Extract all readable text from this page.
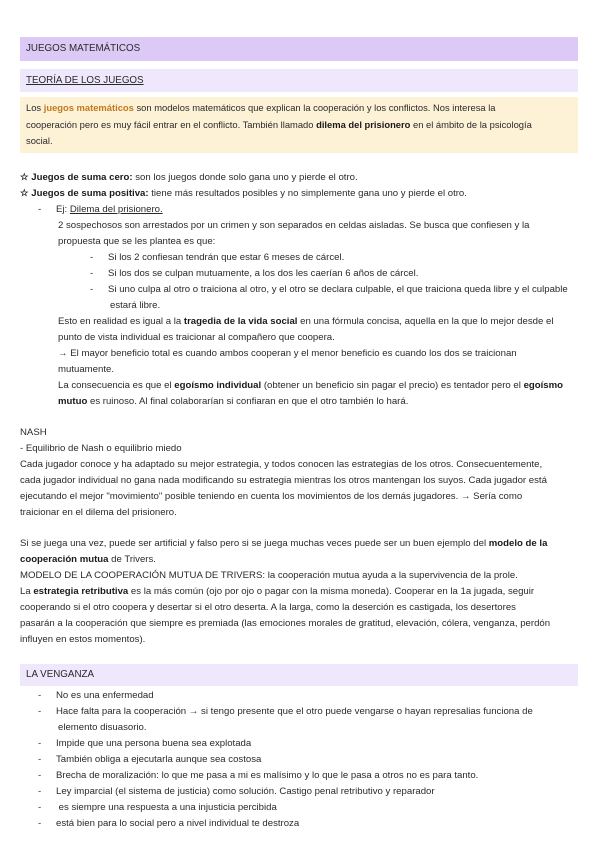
JUEGOS MATEMÁTICOS
TEORÍA DE LOS JUEGOS
Los juegos matemáticos son modelos matemáticos que explican la cooperación y los conflictos. Nos interesa la
cooperación pero es muy fácil entrar en el conflicto. También llamado dilema del prisionero en el ámbito de la psicología
social.
☆ Juegos de suma cero: son los juegos donde solo gana uno y pierde el otro.
☆ Juegos de suma positiva: tiene más resultados posibles y no simplemente gana uno y pierde el otro.
- Ej: Dilema del prisionero.
2 sospechosos son arrestados por un crimen y son separados en celdas aisladas. Se busca que confiesen y la
propuesta que se les plantea es que:
- Si los 2 confiesan tendrán que estar 6 meses de cárcel.
- Si los dos se culpan mutuamente, a los dos les caerían 6 años de cárcel.
- Si uno culpa al otro o traiciona al otro, y el otro se declara culpable, el que traiciona queda libre y el culpable
estará libre.
Esto en realidad es igual a la tragedia de la vida social en una fórmula concisa, aquella en la que lo mejor desde el
punto de vista individual es traicionar al compañero que coopera.
→ El mayor beneficio total es cuando ambos cooperan y el menor beneficio es cuando los dos se traicionan
mutuamente.
La consecuencia es que el egoísmo individual (obtener un beneficio sin pagar el precio) es tentador pero el egoísmo
mutuo es ruinoso. Al final colaborarían si confiaran en que el otro también lo hará.
NASH
- Equilibrio de Nash o equilibrio miedo
Cada jugador conoce y ha adaptado su mejor estrategia, y todos conocen las estrategias de los otros. Consecuentemente,
cada jugador individual no gana nada modificando su estrategia mientras los otros mantengan los suyos. Cada jugador está
ejecutando el mejor "movimiento" posible teniendo en cuenta los movimientos de los demás jugadores. → Sería como
traicionar en el dilema del prisionero.
Si se juega una vez, puede ser artificial y falso pero si se juega muchas veces puede ser un buen ejemplo del modelo de la
cooperación mutua de Trivers.
MODELO DE LA COOPERACIÓN MUTUA DE TRIVERS: la cooperación mutua ayuda a la supervivencia de la prole.
La estrategia retributiva es la más común (ojo por ojo o pagar con la misma moneda). Cooperar en la 1a jugada, seguir
cooperando si el otro coopera y desertar si el otro deserta. A la larga, como la deserción es castigada, los desertores
pasarán a la cooperación que siempre es premiada (las emociones morales de gratitud, elevación, cólera, venganza, perdón
influyen en estos momentos).
LA VENGANZA
- No es una enfermedad
- Hace falta para la cooperación → si tengo presente que el otro puede vengarse o hayan represalias funciona de
elemento disuasorio.
- Impide que una persona buena sea explotada
- También obliga a ejecutarla aunque sea costosa
- Brecha de moralización: lo que me pasa a mi es malísimo y lo que le pasa a otros no es para tanto.
- Ley imparcial (el sistema de justicia) como solución. Castigo penal retributivo y reparador
- es siempre una respuesta a una injusticia percibida
- está bien para lo social pero a nivel individual te destroza
